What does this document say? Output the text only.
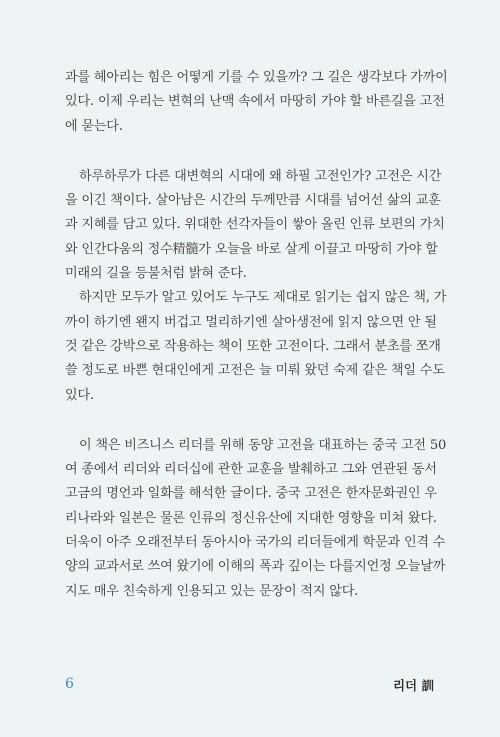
과를 헤아리는 힘은 어떻게 기를 수 있을까? 그 길은 생각보다 가까이
있다. 이제 우리는 변혁의 난맥 속에서 마땅히 가야 할 바른길을 고전
에 묻는다.

하루하루가 다른 대변혁의 시대에 왜 하필 고전인가? 고전은 시간
을 이긴 책이다. 살아남은 시간의 두께만큼 시대를 넘어선 삶의 교훈
과 지혜를 담고 있다. 위대한 선각자들이 쌓아 올린 인류 보편의 가치
와 인간다움의 정수精髓가 오늘을 바로 살게 이끌고 마땅히 가야 할
미래의 길을 등불처럼 밝혀 준다.

하지만 모두가 알고 있어도 누구도 제대로 읽기는 쉽지 않은 책, 가
까이 하기엔 왠지 버겁고 멀리하기엔 살아생전에 읽지 않으면 안 될
것 같은 강박으로 작용하는 책이 또한 고전이다. 그래서 분초를 쪼개
쓸 정도로 바쁜 현대인에게 고전은 늘 미뤄 왔던 숙제 같은 책일 수도
있다.

이 책은 비즈니스 리더를 위해 동양 고전을 대표하는 중국 고전 50
여 종에서 리더와 리더십에 관한 교훈을 발췌하고 그와 연관된 동서
고금의 명언과 일화를 해석한 글이다. 중국 고전은 한자문화권인 우
리나라와 일본은 물론 인류의 정신유산에 지대한 영향을 미쳐 왔다.
더욱이 아주 오래전부터 동아시아 국가의 리더들에게 학문과 인격 수
양의 교과서로 쓰여 왔기에 이해의 폭과 깊이는 다를지언정 오늘날까
지도 매우 친숙하게 인용되고 있는 문장이 적지 않다.

6	리더 訓
